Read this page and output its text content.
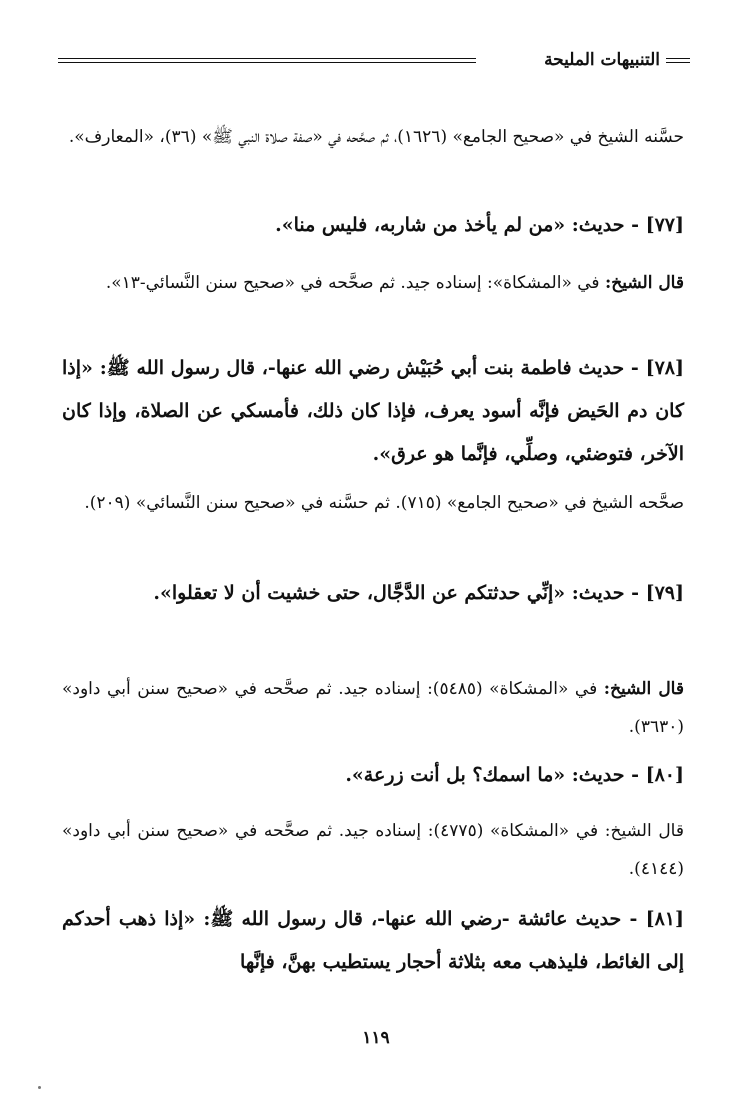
التنبيهات المليحة

حسَّنه الشيخ في «صحيح الجامع» (١٦٢٦)، ثم صحَّحه في «صفة صلاة النبي ﷺ» (٣٦)، «المعارف».

[٧٧] - حديث: «من لم يأخذ من شاربه، فليس منا».

قال الشيخ: في «المشكاة»: إسناده جيد. ثم صحَّحه في «صحيح سنن النَّسائي-١٣».

[٧٨] - حديث فاطمة بنت أبي حُبَيْش رضي الله عنها-، قال رسول الله ﷺ: «إذا كان دم الحَيض فإنَّه أسود يعرف، فإذا كان ذلك، فأمسكي عن الصلاة، وإذا كان الآخر، فتوضئي، وصلِّي، فإنَّما هو عرق».

صحَّحه الشيخ في «صحيح الجامع» (٧١٥). ثم حسَّنه في «صحيح سنن النَّسائي» (٢٠٩).

[٧٩] - حديث: «إنِّي حدثتكم عن الدَّجَّال، حتى خشيت أن لا تعقلوا».

قال الشيخ: في «المشكاة» (٥٤٨٥): إسناده جيد. ثم صحَّحه في «صحيح سنن أبي داود» (٣٦٣٠).

[٨٠] - حديث: «ما اسمك؟ بل أنت زرعة».

قال الشيخ: في «المشكاة» (٤٧٧٥): إسناده جيد. ثم صحَّحه في «صحيح سنن أبي داود» (٤١٤٤).

[٨١] - حديث عائشة -رضي الله عنها-، قال رسول الله ﷺ: «إذا ذهب أحدكم إلى الغائط، فليذهب معه بثلاثة أحجار يستطيب بهنَّ، فإنَّها

١١٩
